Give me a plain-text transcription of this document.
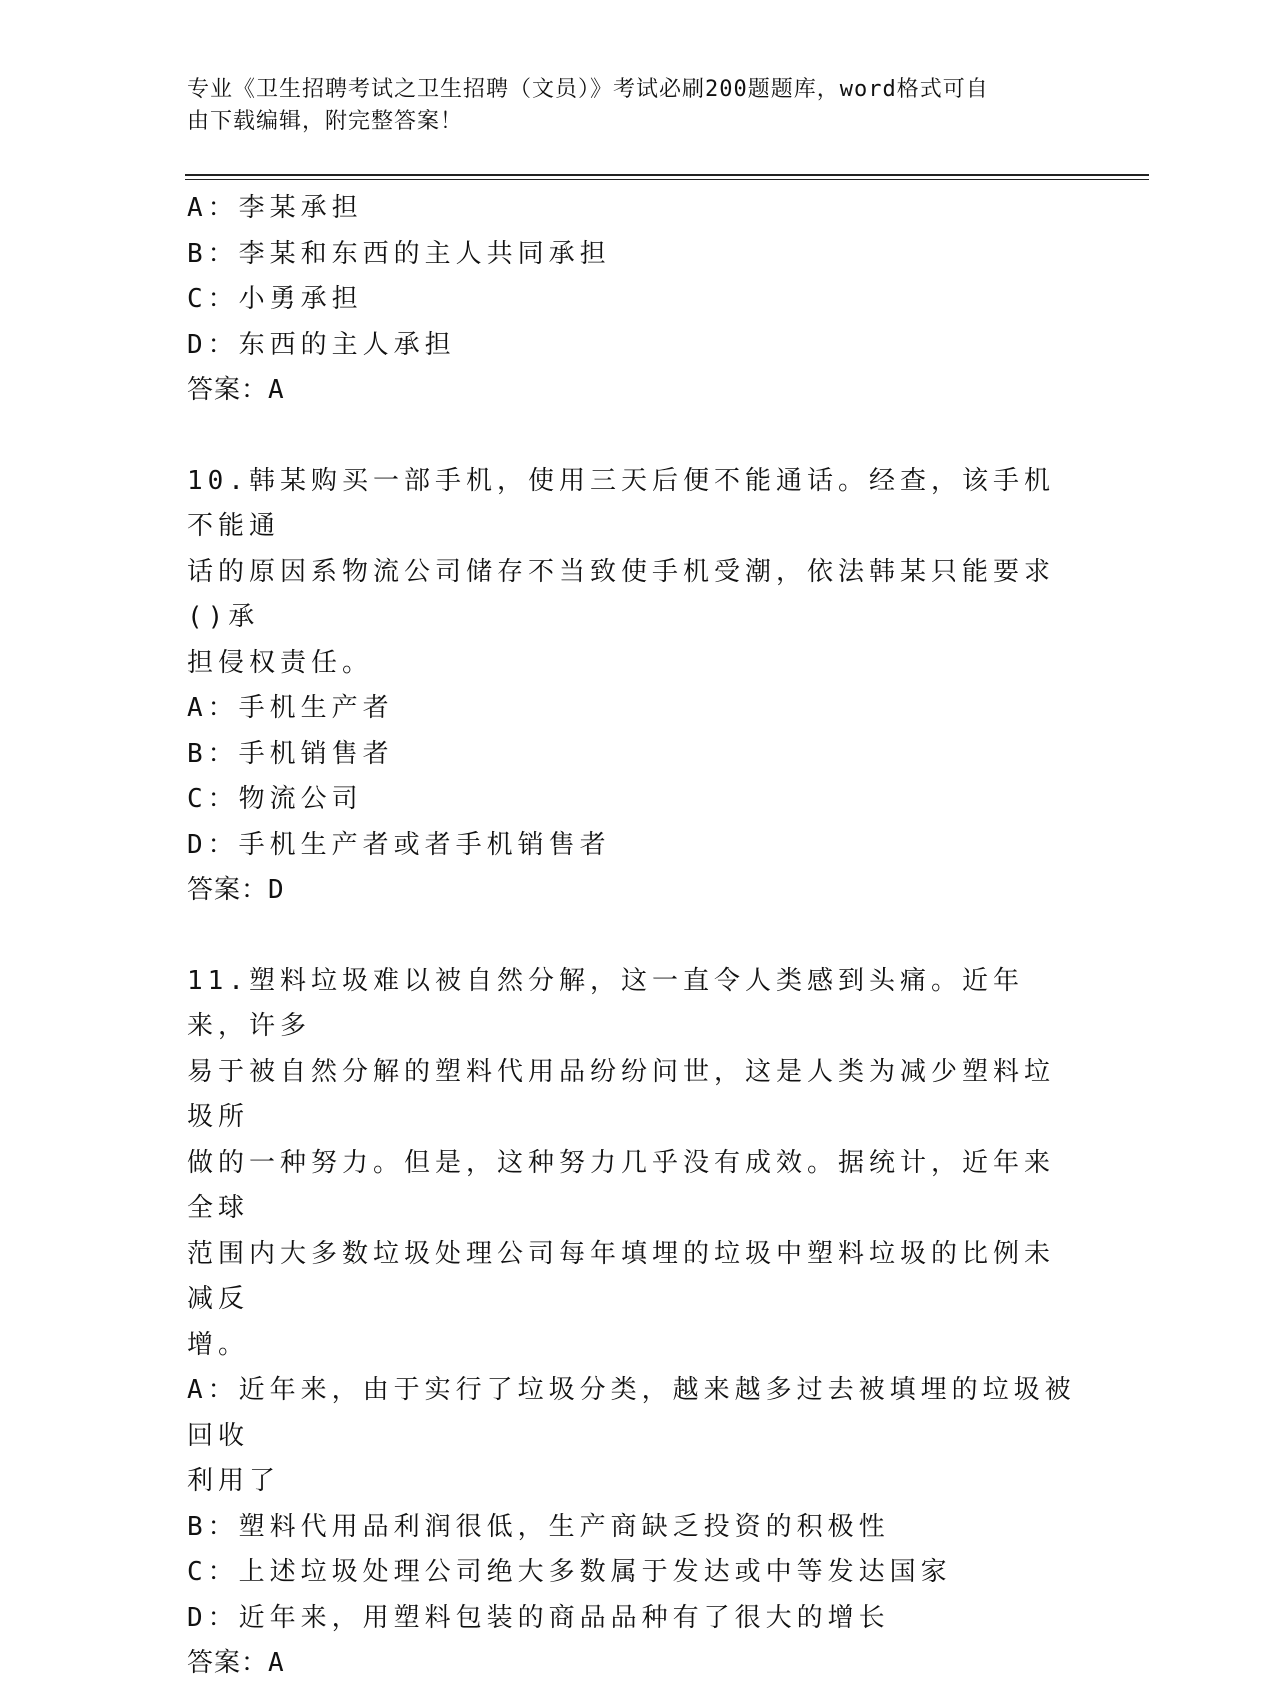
专业《卫生招聘考试之卫生招聘（文员）》考试必刷200题题库，word格式可自
由下载编辑，附完整答案！
A：李某承担
B：李某和东西的主人共同承担
C：小勇承担
D：东西的主人承担
答案：A
10.韩某购买一部手机，使用三天后便不能通话。经查，该手机不能通
话的原因系物流公司储存不当致使手机受潮，依法韩某只能要求()承
担侵权责任。
A：手机生产者
B：手机销售者
C：物流公司
D：手机生产者或者手机销售者
答案：D
11.塑料垃圾难以被自然分解，这一直令人类感到头痛。近年来，许多
易于被自然分解的塑料代用品纷纷问世，这是人类为减少塑料垃圾所
做的一种努力。但是，这种努力几乎没有成效。据统计，近年来全球
范围内大多数垃圾处理公司每年填埋的垃圾中塑料垃圾的比例未减反
增。
A：近年来，由于实行了垃圾分类，越来越多过去被填埋的垃圾被回收
利用了
B：塑料代用品利润很低，生产商缺乏投资的积极性
C：上述垃圾处理公司绝大多数属于发达或中等发达国家
D：近年来，用塑料包装的商品品种有了很大的增长
答案：A
